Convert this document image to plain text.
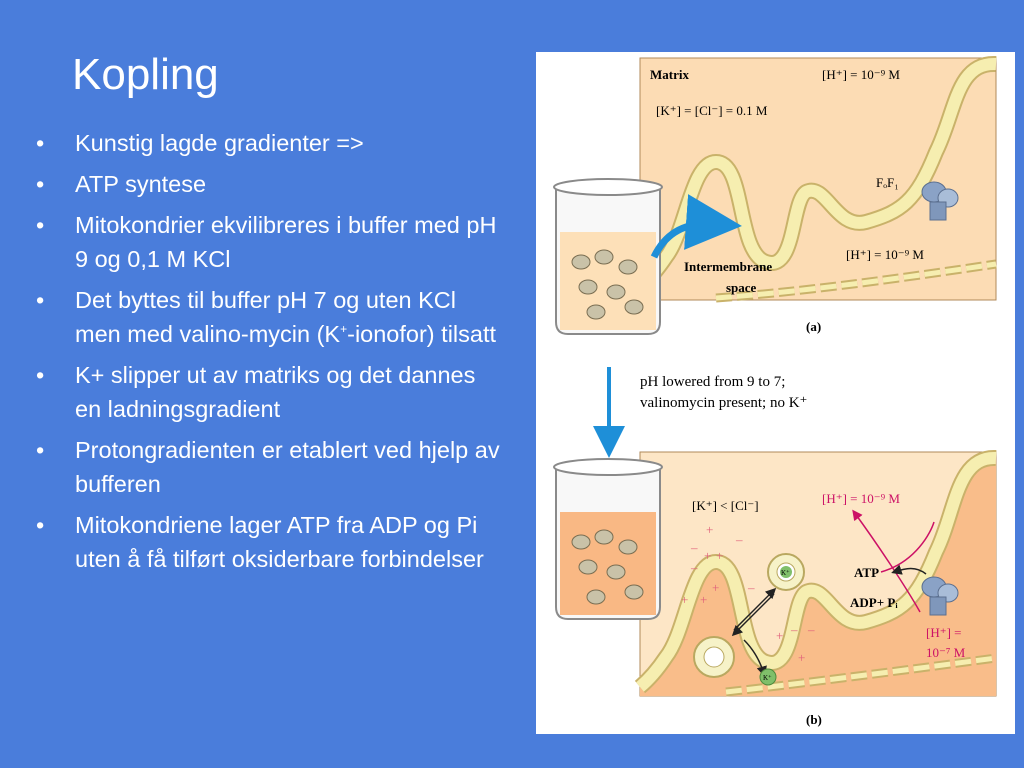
Kopling
• Kunstig lagde gradienter =>
• ATP syntese
• Mitokondrier ekvilibreres i buffer med pH 9 og 0,1 M KCl
• Det byttes til buffer pH 7 og uten KCl men med valino-mycin (K+-ionofor) tilsatt
• K+ slipper ut av matriks og det dannes en ladningsgradient
• Protongradienten er etablert ved hjelp av bufferen
• Mitokondriene lager ATP fra ADP og Pi uten å få tilført oksiderbare forbindelser
Matrix	[H⁺] = 10⁻⁹ M
[K⁺] = [Cl⁻] = 0.1 M
FₒF₁
[H⁺] = 10⁻⁹ M
Intermembrane
space
(a)
pH lowered from 9 to 7;
valinomycin present; no K⁺
+
+ +
+ +
+
+
+
–
–
–
–
– –
[K⁺] < [Cl⁻]	[H⁺] = 10⁻⁹ M
ATP
ADP+ Pᵢ
[H⁺] =
10⁻⁷ M
K⁺
K⁺
(b)
